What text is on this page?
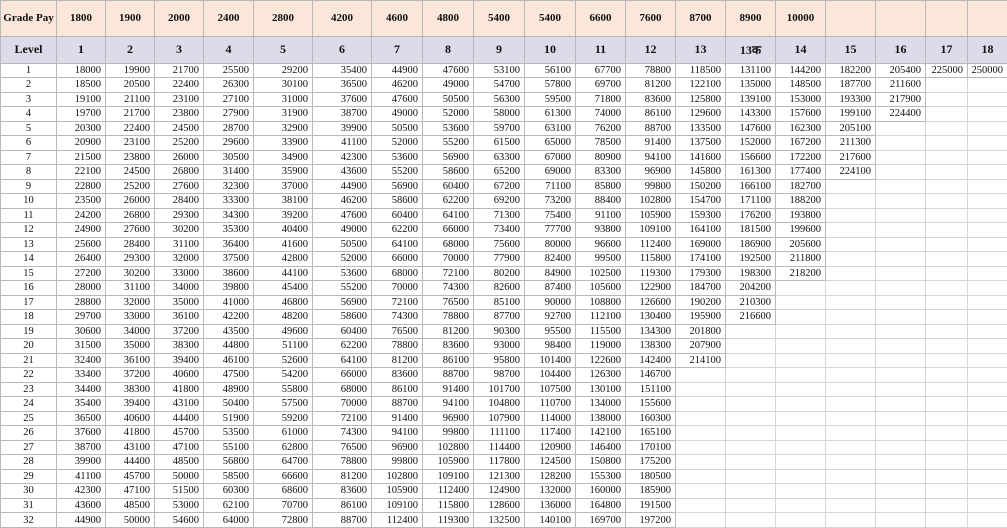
Grade Pay	1800	1900	2000	2400	2800	4200	4600	4800	5400	5400	6600	7600	8700	8900	10000				
Level	1	2	3	4	5	6	7	8	9	10	11	12	13	13क	14	15	16	17	18
1	18000	19900	21700	25500	29200	35400	44900	47600	53100	56100	67700	78800	118500	131100	144200	182200	205400	225000	250000
2	18500	20500	22400	26300	30100	36500	46200	49000	54700	57800	69700	81200	122100	135000	148500	187700	211600		
3	19100	21100	23100	27100	31000	37600	47600	50500	56300	59500	71800	83600	125800	139100	153000	193300	217900		
4	19700	21700	23800	27900	31900	38700	49000	52000	58000	61300	74000	86100	129600	143300	157600	199100	224400		
5	20300	22400	24500	28700	32900	39900	50500	53600	59700	63100	76200	88700	133500	147600	162300	205100			
6	20900	23100	25200	29600	33900	41100	52000	55200	61500	65000	78500	91400	137500	152000	167200	211300			
7	21500	23800	26000	30500	34900	42300	53600	56900	63300	67000	80900	94100	141600	156600	172200	217600			
8	22100	24500	26800	31400	35900	43600	55200	58600	65200	69000	83300	96900	145800	161300	177400	224100			
9	22800	25200	27600	32300	37000	44900	56900	60400	67200	71100	85800	99800	150200	166100	182700				
10	23500	26000	28400	33300	38100	46200	58600	62200	69200	73200	88400	102800	154700	171100	188200				
11	24200	26800	29300	34300	39200	47600	60400	64100	71300	75400	91100	105900	159300	176200	193800				
12	24900	27600	30200	35300	40400	49000	62200	66000	73400	77700	93800	109100	164100	181500	199600				
13	25600	28400	31100	36400	41600	50500	64100	68000	75600	80000	96600	112400	169000	186900	205600				
14	26400	29300	32000	37500	42800	52000	66000	70000	77900	82400	99500	115800	174100	192500	211800				
15	27200	30200	33000	38600	44100	53600	68000	72100	80200	84900	102500	119300	179300	198300	218200				
16	28000	31100	34000	39800	45400	55200	70000	74300	82600	87400	105600	122900	184700	204200					
17	28800	32000	35000	41000	46800	56900	72100	76500	85100	90000	108800	126600	190200	210300					
18	29700	33000	36100	42200	48200	58600	74300	78800	87700	92700	112100	130400	195900	216600					
19	30600	34000	37200	43500	49600	60400	76500	81200	90300	95500	115500	134300	201800						
20	31500	35000	38300	44800	51100	62200	78800	83600	93000	98400	119000	138300	207900						
21	32400	36100	39400	46100	52600	64100	81200	86100	95800	101400	122600	142400	214100						
22	33400	37200	40600	47500	54200	66000	83600	88700	98700	104400	126300	146700							
23	34400	38300	41800	48900	55800	68000	86100	91400	101700	107500	130100	151100							
24	35400	39400	43100	50400	57500	70000	88700	94100	104800	110700	134000	155600							
25	36500	40600	44400	51900	59200	72100	91400	96900	107900	114000	138000	160300							
26	37600	41800	45700	53500	61000	74300	94100	99800	111100	117400	142100	165100							
27	38700	43100	47100	55100	62800	76500	96900	102800	114400	120900	146400	170100							
28	39900	44400	48500	56800	64700	78800	99800	105900	117800	124500	150800	175200							
29	41100	45700	50000	58500	66600	81200	102800	109100	121300	128200	155300	180500							
30	42300	47100	51500	60300	68600	83600	105900	112400	124900	132000	160000	185900							
31	43600	48500	53000	62100	70700	86100	109100	115800	128600	136000	164800	191500							
32	44900	50000	54600	64000	72800	88700	112400	119300	132500	140100	169700	197200							
